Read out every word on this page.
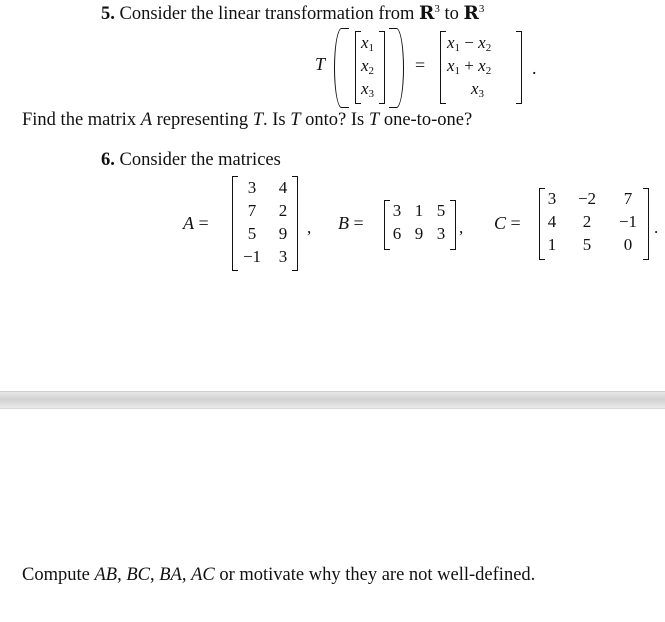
5. Consider the linear transformation from $R^3$ to $R^3$
T
$x_1$
$x_2$
$x_3$
=
$x_1 - x_2$
$x_1 + x_2$
$x_3$
.
Find the matrix A representing T. Is T onto? Is T one-to-one?
6. Consider the matrices
A =
3	4
7	2
5	9
−1	3
, B =
3 1 5
6 9 3 , C =
3	−2	7
4	2	−1
1	5	0
.
Compute AB, BC, BA, AC or motivate why they are not well-defined.
